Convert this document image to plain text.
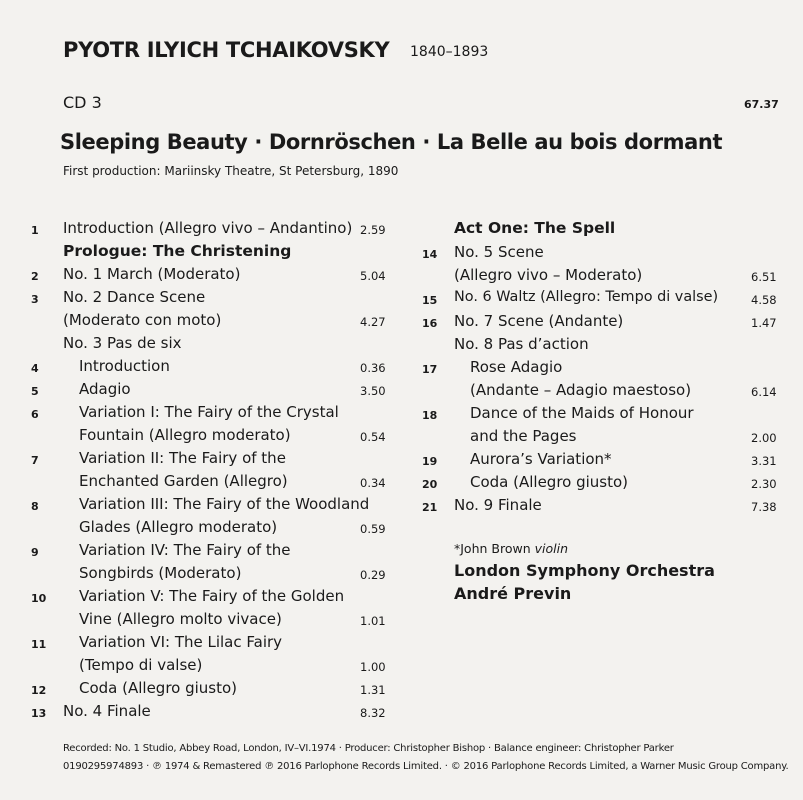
PYOTR ILYICH TCHAIKOVSKY 1840–1893
CD 3	67.37
Sleeping Beauty · Dornröschen · La Belle au bois dormant
First production: Mariinsky Theatre, St Petersburg, 1890
1 Introduction (Allegro vivo – Andantino) 2.59
Prologue: The Christening
2 No. 1 March (Moderato)	5.04
3 No. 2 Dance Scene
(Moderato con moto)	4.27
No. 3 Pas de six
4	Introduction	0.36
5	Adagio	3.50
6	Variation I: The Fairy of the Crystal
Fountain (Allegro moderato)	0.54
7	Variation II: The Fairy of the
Enchanted Garden (Allegro)	0.34
8	Variation III: The Fairy of the Woodland
Glades (Allegro moderato)	0.59
9	Variation IV: The Fairy of the
Songbirds (Moderato)	0.29
10 Variation V: The Fairy of the Golden
Vine (Allegro molto vivace)	1.01
11 Variation VI: The Lilac Fairy
(Tempo di valse)	1.00
12 Coda (Allegro giusto)	1.31
13 No. 4 Finale	8.32
Act One: The Spell
14 No. 5 Scene
(Allegro vivo – Moderato)	6.51
15 No. 6 Waltz (Allegro: Tempo di valse)	4.58
16 No. 7 Scene (Andante)	1.47
No. 8 Pas d’action
17 Rose Adagio
(Andante – Adagio maestoso)	6.14
18 Dance of the Maids of Honour
and the Pages	2.00
19 Aurora’s Variation*	3.31
20 Coda (Allegro giusto)	2.30
21 No. 9 Finale	7.38
*John Brown violin
London Symphony Orchestra
André Previn
Recorded: No. 1 Studio, Abbey Road, London, IV–VI.1974 · Producer: Christopher Bishop · Balance engineer: Christopher Parker
0190295974893 · ℗ 1974 & Remastered ℗ 2016 Parlophone Records Limited. · © 2016 Parlophone Records Limited, a Warner Music Group Company.
